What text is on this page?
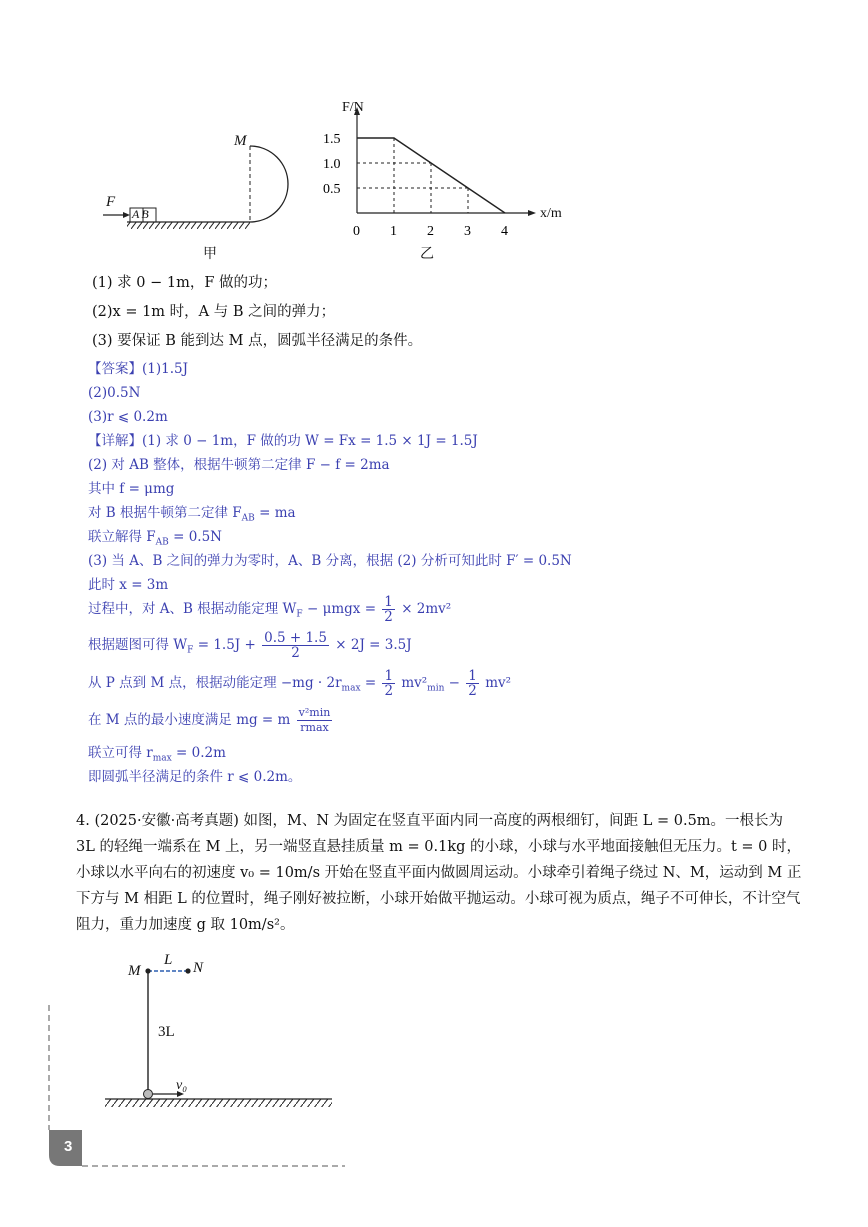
M
F
AB
甲
1.5
1.0
0.5
0 1 2 3 4
F/N
x/m
乙
(1) 求 0 − 1m，F 做的功；
(2)x = 1m 时，A 与 B 之间的弹力；
(3) 要保证 B 能到达 M 点，圆弧半径满足的条件。
【答案】(1)1.5J
(2)0.5N
(3)r ⩽ 0.2m
【详解】(1) 求 0 − 1m，F 做的功 W = Fx = 1.5 × 1J = 1.5J
(2) 对 AB 整体，根据牛顿第二定律 F − f = 2ma
其中 f = μmg
对 B 根据牛顿第二定律 $F_{AB}$ = ma
联立解得 $F_{AB} = 0.5N$
(3) 当 A、B 之间的弹力为零时，A、B 分离，根据 (2) 分析可知此时 F′ = 0.5N
此时 x = 3m
过程中，对 A、B 根据动能定理 $W_F - \mu mgx = \frac{1}{2} \times 2mv^2$
根据题图可得 $W_F = 1.5J + \frac{0.5 + 1.5}{2} \times 2J = 3.5J$
从 P 点到 M 点，根据动能定理 $-mg \cdot 2r_{max} = \frac{1}{2} mv^2_{min} - \frac{1}{2} mv^2$
在 M 点的最小速度满足 mg = m $\frac{\text{v²min}}{rmax}$
联立可得 $r_{max} = 0.2m$
即圆弧半径满足的条件 r ⩽ 0.2m。
4. (2025·安徽·高考真题) 如图，M、N 为固定在竖直平面内同一高度的两根细钉，间距 L = 0.5m。一根长为 3L 的轻绳一端系在 M 上，另一端竖直悬挂质量 m = 0.1kg 的小球，小球与水平地面接触但无压力。t = 0 时，小球以水平向右的初速度 v₀ = 10m/s 开始在竖直平面内做圆周运动。小球牵引着绳子绕过 N、M，运动到 M 正下方与 M 相距 L 的位置时，绳子刚好被拉断，小球开始做平抛运动。小球可视为质点，绳子不可伸长，不计空气阻力，重力加速度 g 取 10m/s²。
M	N
L
3L
v₀
3
